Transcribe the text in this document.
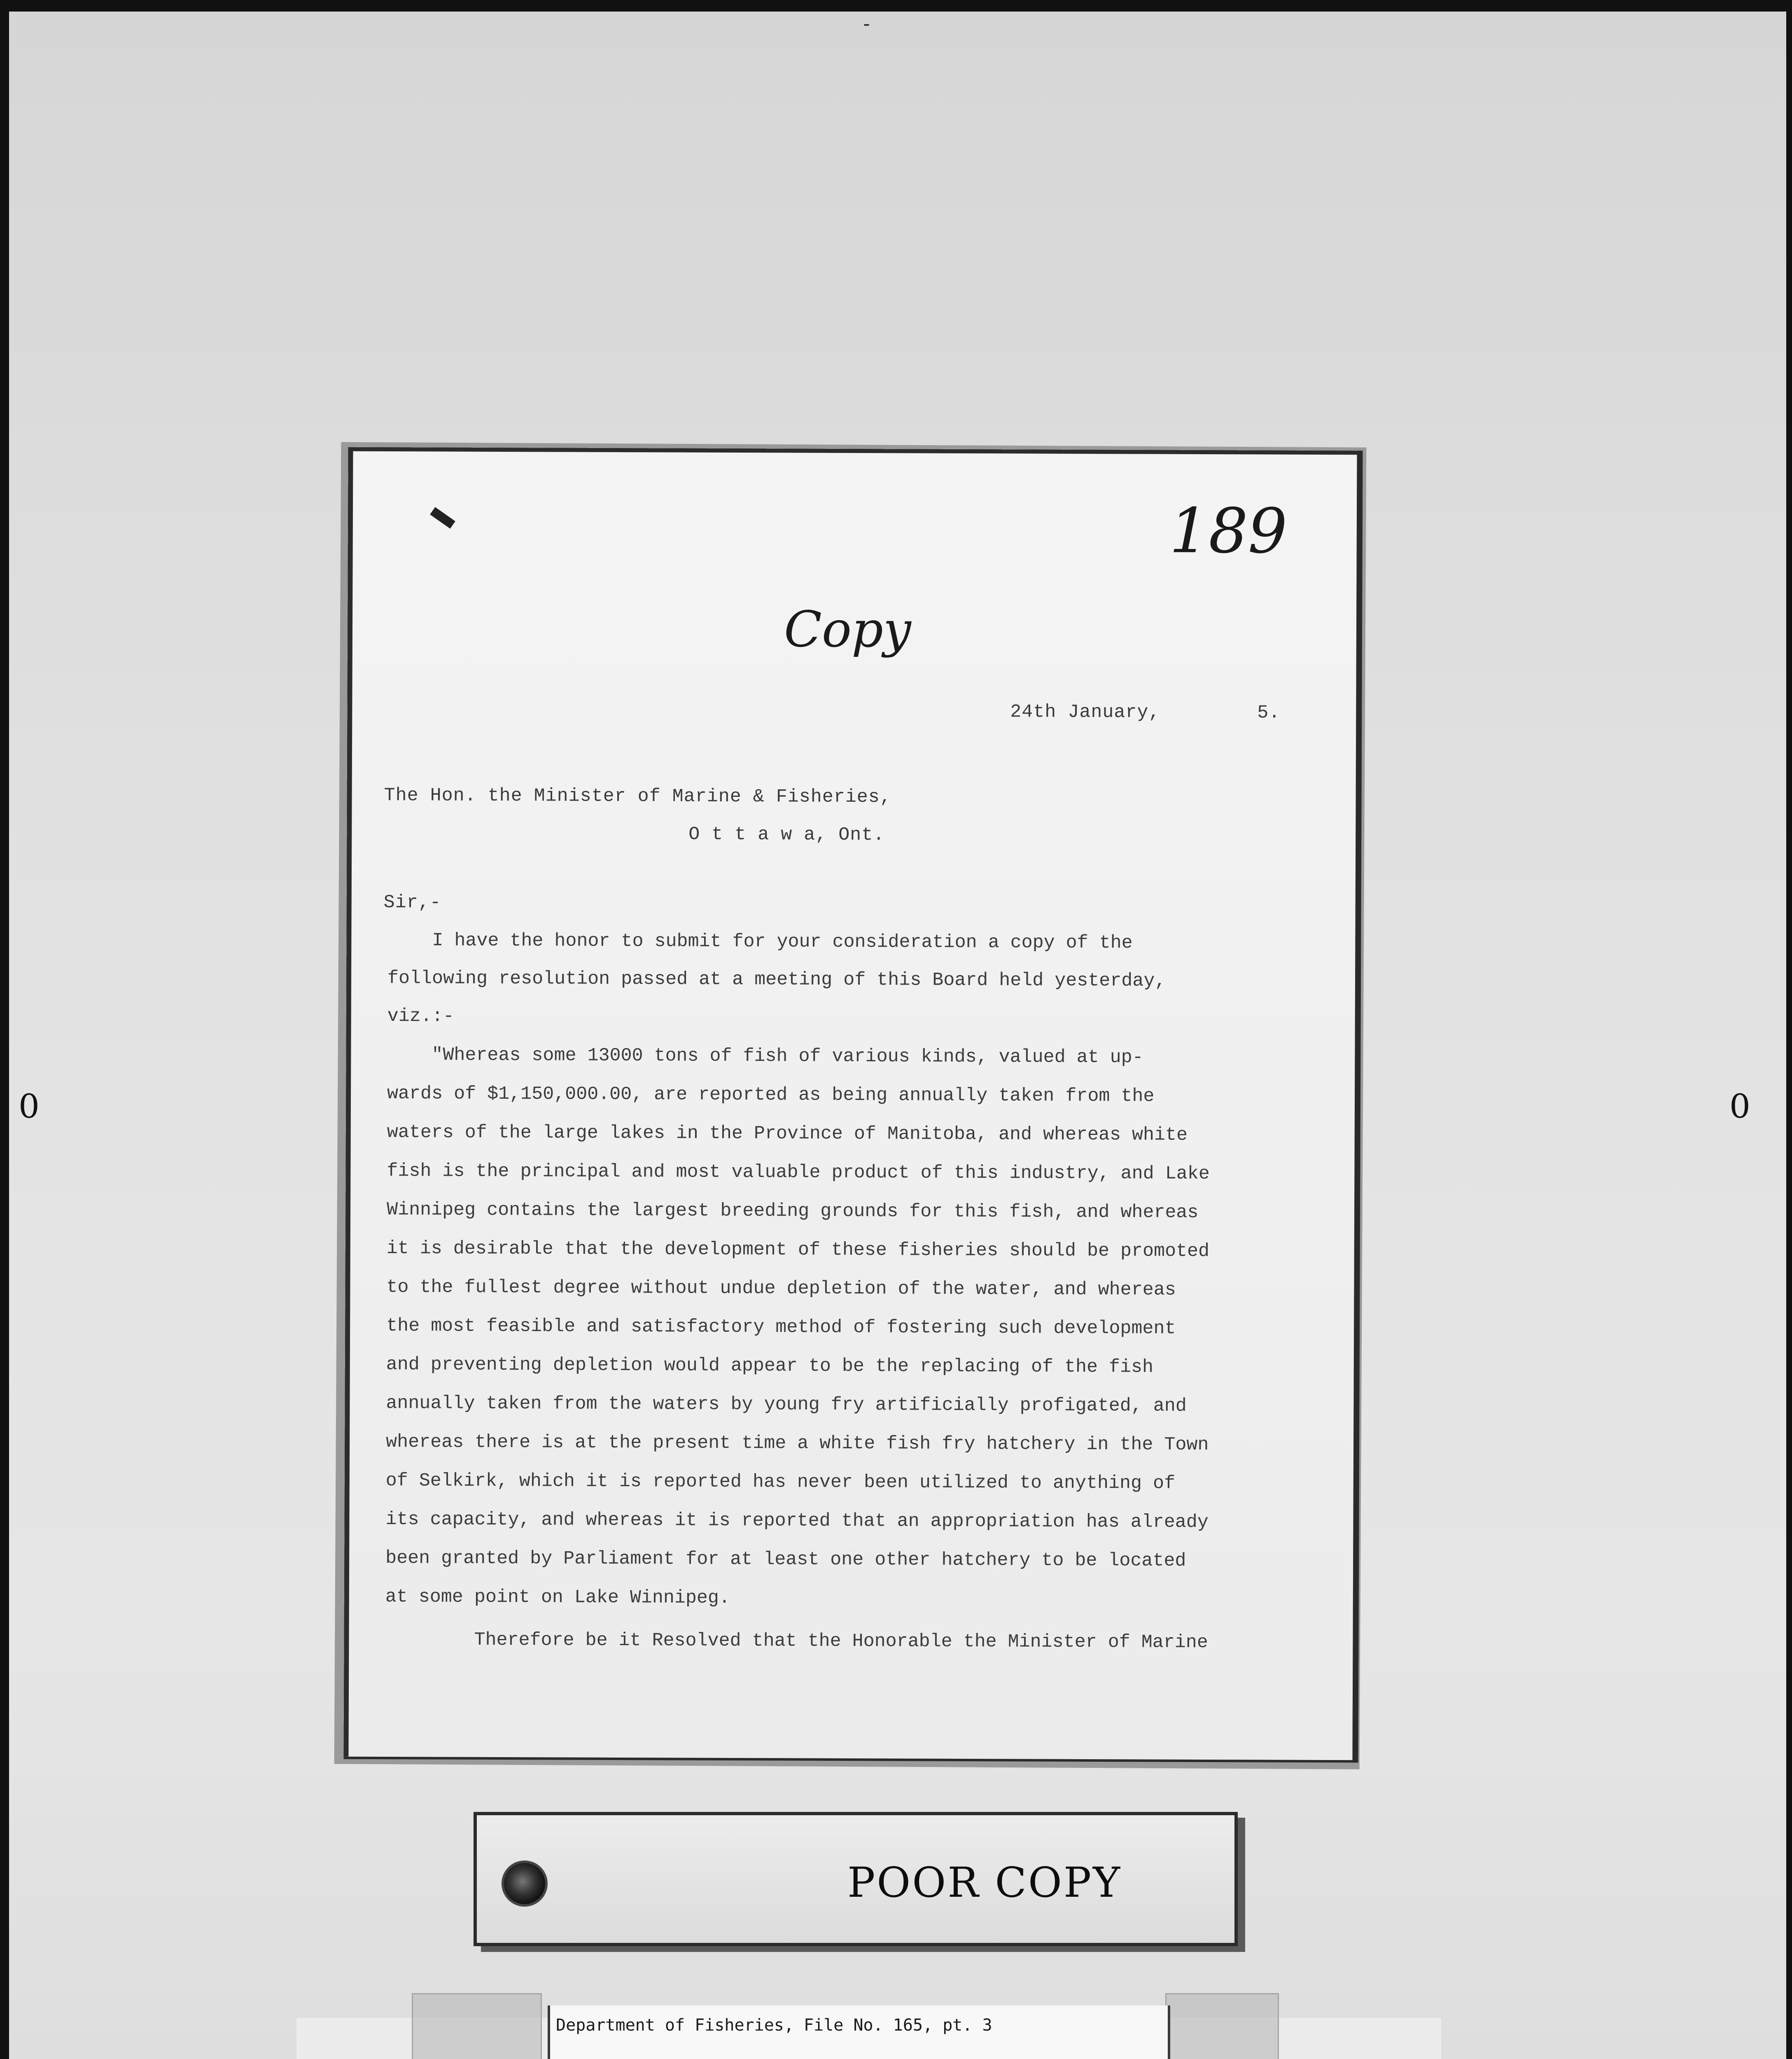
-
0	0
189
Copy
24th January,	5.
The Hon. the Minister of Marine & Fisheries,
O t t a w a, Ont.
Sir,-
I have the honor to submit for your consideration a copy of the
following resolution passed at a meeting of this Board held yesterday,
viz.:-
"Whereas some 13000 tons of fish of various kinds, valued at up-
wards of $1,150,000.00, are reported as being annually taken from the
waters of the large lakes in the Province of Manitoba, and whereas white
fish is the principal and most valuable product of this industry, and Lake
Winnipeg contains the largest breeding grounds for this fish, and whereas
it is desirable that the development of these fisheries should be promoted
to the fullest degree without undue depletion of the water, and whereas
the most feasible and satisfactory method of fostering such development
and preventing depletion would appear to be the replacing of the fish
annually taken from the waters by young fry artificially profigated, and
whereas there is at the present time a white fish fry hatchery in the Town
of Selkirk, which it is reported has never been utilized to anything of
its capacity, and whereas it is reported that an appropriation has already
been granted by Parliament for at least one other hatchery to be located
at some point on Lake Winnipeg.
Therefore be it Resolved that the Honorable the Minister of Marine
POOR COPY
Department of Fisheries, File No. 165, pt. 3
